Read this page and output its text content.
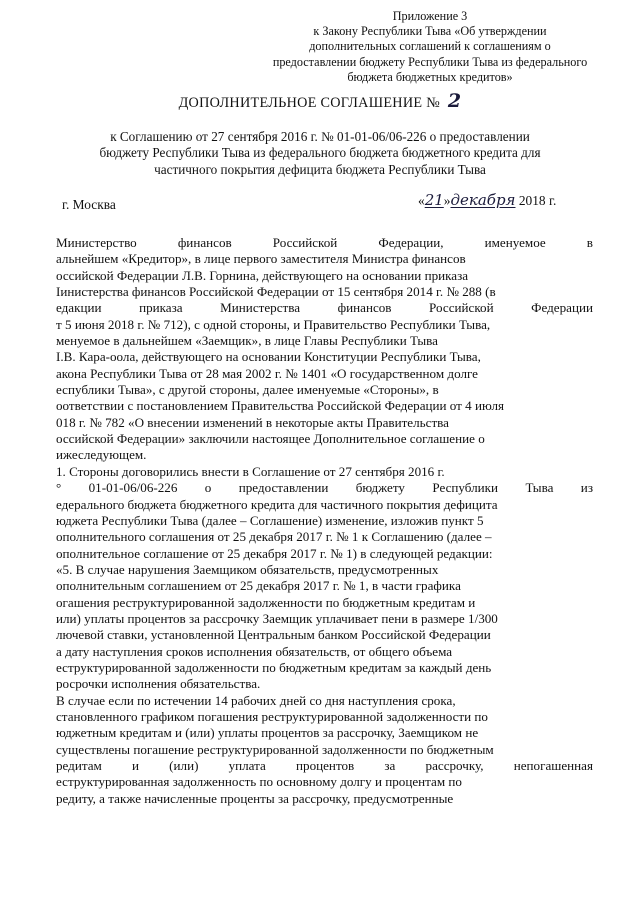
Приложение 3
к Закону Республики Тыва «Об утверждении
дополнительных соглашений к соглашениям о
предоставлении бюджету Республики Тыва из федерального
бюджета бюджетных кредитов»
ДОПОЛНИТЕЛЬНОЕ СОГЛАШЕНИЕ № 2
к Соглашению от 27 сентября 2016 г. № 01-01-06/06-226 о предоставлении
бюджету Республики Тыва из федерального бюджета бюджетного кредита для
частичного покрытия дефицита бюджета Республики Тыва
г. Москва	«21»декабря 2018 г.
Министерство финансов Российской Федерации, именуемое в
альнейшем «Кредитор», в лице первого заместителя Министра финансов
оссийской Федерации Л.В. Горнина, действующего на основании приказа
Іинистерства финансов Российской Федерации от 15 сентября 2014 г. № 288 (в
едакции приказа Министерства финансов Российской Федерации
т 5 июня 2018 г. № 712), с одной стороны, и Правительство Республики Тыва,
менуемое в дальнейшем «Заемщик», в лице Главы Республики Тыва
І.В. Кара-оола, действующего на основании Конституции Республики Тыва,
акона Республики Тыва от 28 мая 2002 г. № 1401 «О государственном долге
еспублики Тыва», с другой стороны, далее именуемые «Стороны», в
оответствии с постановлением Правительства Российской Федерации от 4 июля
018 г. № 782 «О внесении изменений в некоторые акты Правительства
оссийской Федерации» заключили настоящее Дополнительное соглашение о
ижеследующем.
1. Стороны договорились внести в Соглашение от 27 сентября 2016 г.
° 01-01-06/06-226 о предоставлении бюджету Республики Тыва из
едерального бюджета бюджетного кредита для частичного покрытия дефицита
юджета Республики Тыва (далее – Соглашение) изменение, изложив пункт 5
ополнительного соглашения от 25 декабря 2017 г. № 1 к Соглашению (далее –
ополнительное соглашение от 25 декабря 2017 г. № 1) в следующей редакции:
«5. В случае нарушения Заемщиком обязательств, предусмотренных
ополнительным соглашением от 25 декабря 2017 г. № 1, в части графика
огашения реструктурированной задолженности по бюджетным кредитам и
или) уплаты процентов за рассрочку Заемщик уплачивает пени в размере 1/300
лючевой ставки, установленной Центральным банком Российской Федерации
а дату наступления сроков исполнения обязательств, от общего объема
еструктурированной задолженности по бюджетным кредитам за каждый день
росрочки исполнения обязательства.
В случае если по истечении 14 рабочих дней со дня наступления срока,
становленного графиком погашения реструктурированной задолженности по
юджетным кредитам и (или) уплаты процентов за рассрочку, Заемщиком не
существлены погашение реструктурированной задолженности по бюджетным
редитам и (или) уплата процентов за рассрочку, непогашенная
еструктурированная задолженность по основному долгу и процентам по
редиту, а также начисленные проценты за рассрочку, предусмотренные
